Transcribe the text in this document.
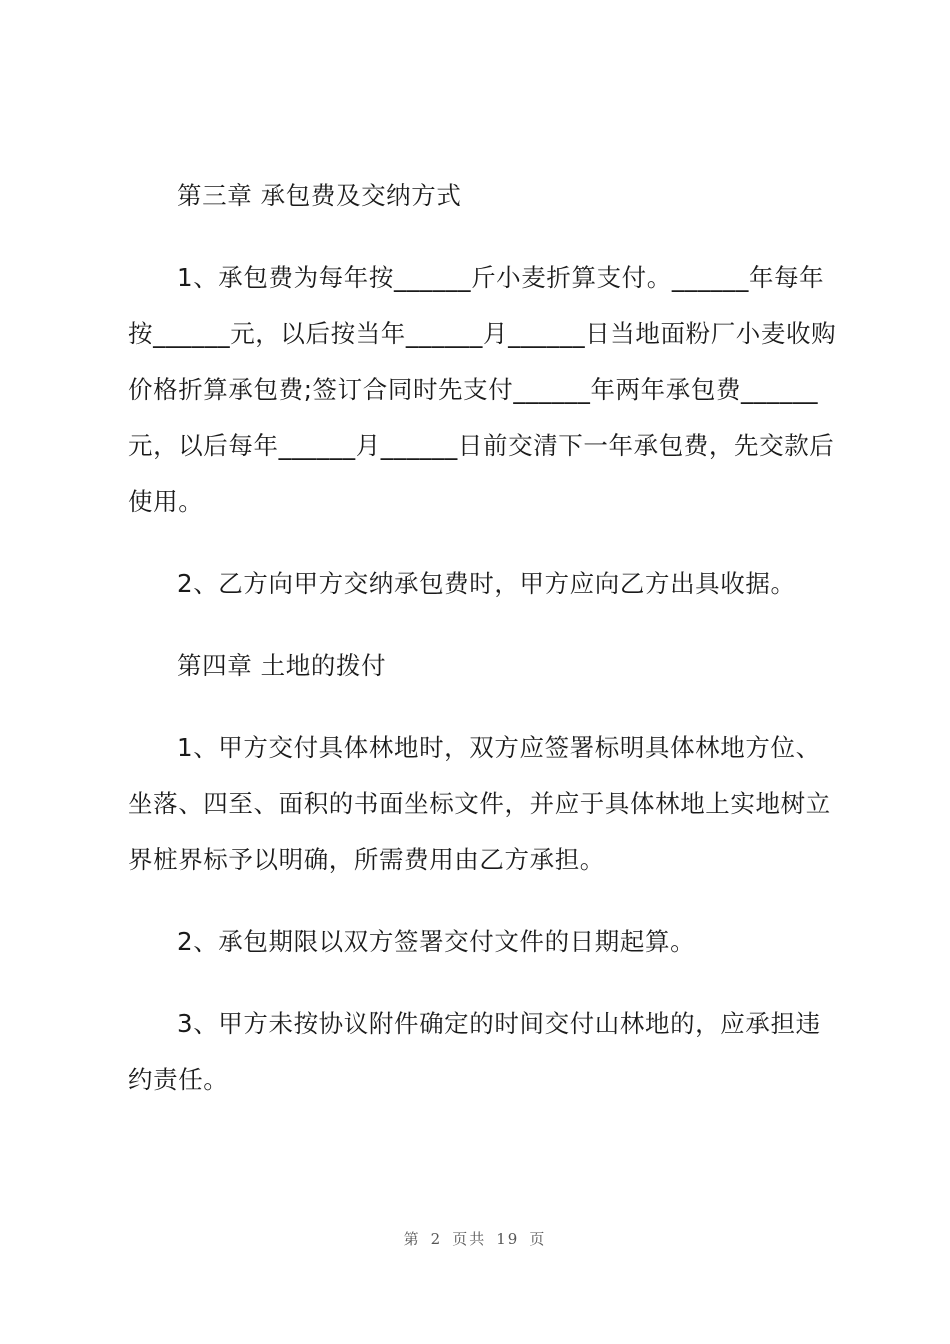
第三章 承包费及交纳方式

1、承包费为每年按______斤小麦折算支付。______年每年按______元，以后按当年______月______日当地面粉厂小麦收购价格折算承包费;签订合同时先支付______年两年承包费______元，以后每年______月______日前交清下一年承包费，先交款后使用。

2、乙方向甲方交纳承包费时，甲方应向乙方出具收据。

第四章 土地的拨付

1、甲方交付具体林地时，双方应签署标明具体林地方位、坐落、四至、面积的书面坐标文件，并应于具体林地上实地树立界桩界标予以明确，所需费用由乙方承担。

2、承包期限以双方签署交付文件的日期起算。

3、甲方未按协议附件确定的时间交付山林地的，应承担违约责任。

第 2 页共 19 页
